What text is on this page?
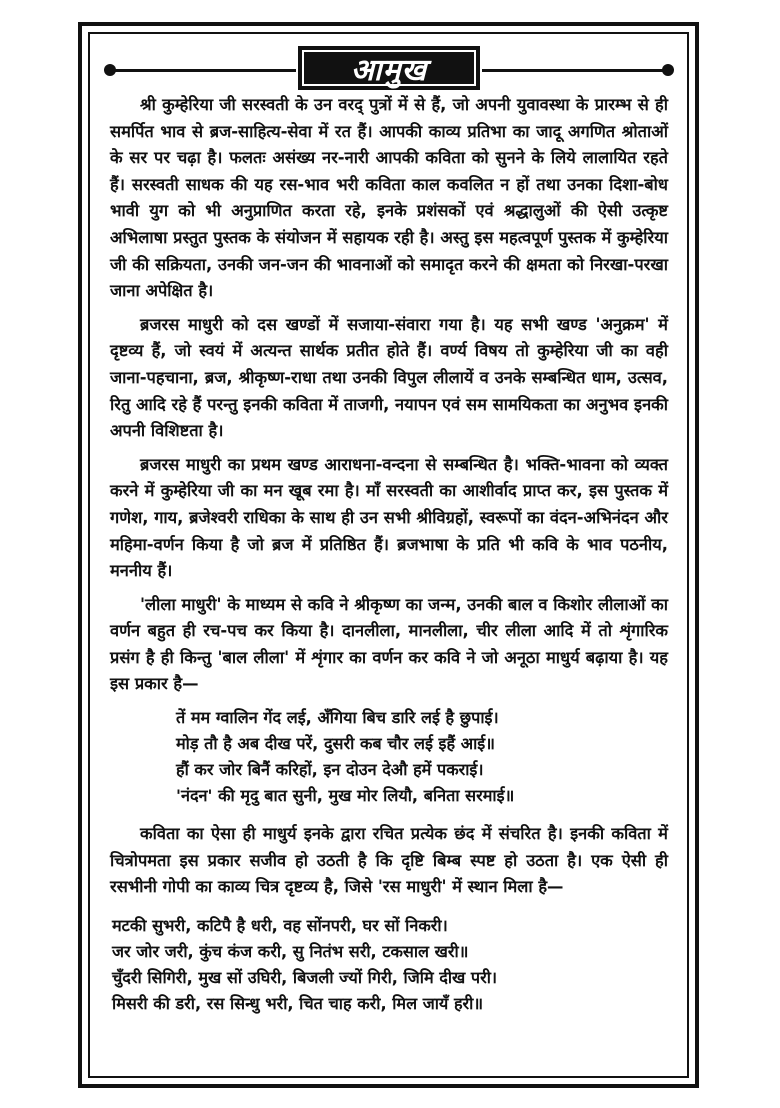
आमुख

श्री कुम्हेरिया जी सरस्वती के उन वरद् पुत्रों में से हैं, जो अपनी युवावस्था के प्रारम्भ से ही समर्पित भाव से ब्रज-साहित्य-सेवा में रत हैं। आपकी काव्य प्रतिभा का जादू अगणित श्रोताओं के सर पर चढ़ा है। फलतः असंख्य नर-नारी आपकी कविता को सुनने के लिये लालायित रहते हैं। सरस्वती साधक की यह रस-भाव भरी कविता काल कवलित न हों तथा उनका दिशा-बोध भावी युग को भी अनुप्राणित करता रहे, इनके प्रशंसकों एवं श्रद्धालुओं की ऐसी उत्कृष्ट अभिलाषा प्रस्तुत पुस्तक के संयोजन में सहायक रही है। अस्तु इस महत्वपूर्ण पुस्तक में कुम्हेरिया जी की सक्रियता, उनकी जन-जन की भावनाओं को समादृत करने की क्षमता को निरखा-परखा जाना अपेक्षित है।

ब्रजरस माधुरी को दस खण्डों में सजाया-संवारा गया है। यह सभी खण्ड 'अनुक्रम' में दृष्टव्य हैं, जो स्वयं में अत्यन्त सार्थक प्रतीत होते हैं। वर्ण्य विषय तो कुम्हेरिया जी का वही जाना-पहचाना, ब्रज, श्रीकृष्ण-राधा तथा उनकी विपुल लीलायें व उनके सम्बन्धित धाम, उत्सव, रितु आदि रहे हैं परन्तु इनकी कविता में ताजगी, नयापन एवं सम सामयिकता का अनुभव इनकी अपनी विशिष्टता है।

ब्रजरस माधुरी का प्रथम खण्ड आराधना-वन्दना से सम्बन्धित है। भक्ति-भावना को व्यक्त करने में कुम्हेरिया जी का मन खूब रमा है। माँ सरस्वती का आशीर्वाद प्राप्त कर, इस पुस्तक में गणेश, गाय, ब्रजेश्वरी राधिका के साथ ही उन सभी श्रीविग्रहों, स्वरूपों का वंदन-अभिनंदन और महिमा-वर्णन किया है जो ब्रज में प्रतिष्ठित हैं। ब्रजभाषा के प्रति भी कवि के भाव पठनीय, मननीय हैं।

'लीला माधुरी' के माध्यम से कवि ने श्रीकृष्ण का जन्म, उनकी बाल व किशोर लीलाओं का वर्णन बहुत ही रच-पच कर किया है। दानलीला, मानलीला, चीर लीला आदि में तो शृंगारिक प्रसंग है ही किन्तु 'बाल लीला' में शृंगार का वर्णन कर कवि ने जो अनूठा माधुर्य बढ़ाया है। यह इस प्रकार है—

तें मम ग्वालिन गेंद लई, अँगिया बिच डारि लई है छुपाई।
मोड़ तौ है अब दीख परें, दुसरी कब चौर लई इहैं आई॥
हौं कर जोर बिनैं करिहों, इन दोउन देऔ हमें पकराई।
'नंदन' की मृदु बात सुनी, मुख मोर लियौ, बनिता सरमाई॥

कविता का ऐसा ही माधुर्य इनके द्वारा रचित प्रत्येक छंद में संचरित है। इनकी कविता में चित्रोपमता इस प्रकार सजीव हो उठती है कि दृष्टि बिम्ब स्पष्ट हो उठता है। एक ऐसी ही रसभीनी गोपी का काव्य चित्र दृष्टव्य है, जिसे 'रस माधुरी' में स्थान मिला है—

मटकी सुभरी, कटिपै है धरी, वह सोंनपरी, घर सों निकरी।
जर जोर जरी, कुंच कंज करी, सु नितंभ सरी, टकसाल खरी॥
चुँदरी सिगिरी, मुख सों उघिरी, बिजली ज्यों गिरी, जिमि दीख परी।
मिसरी की डरी, रस सिन्धु भरी, चित चाह करी, मिल जायँ हरी॥
